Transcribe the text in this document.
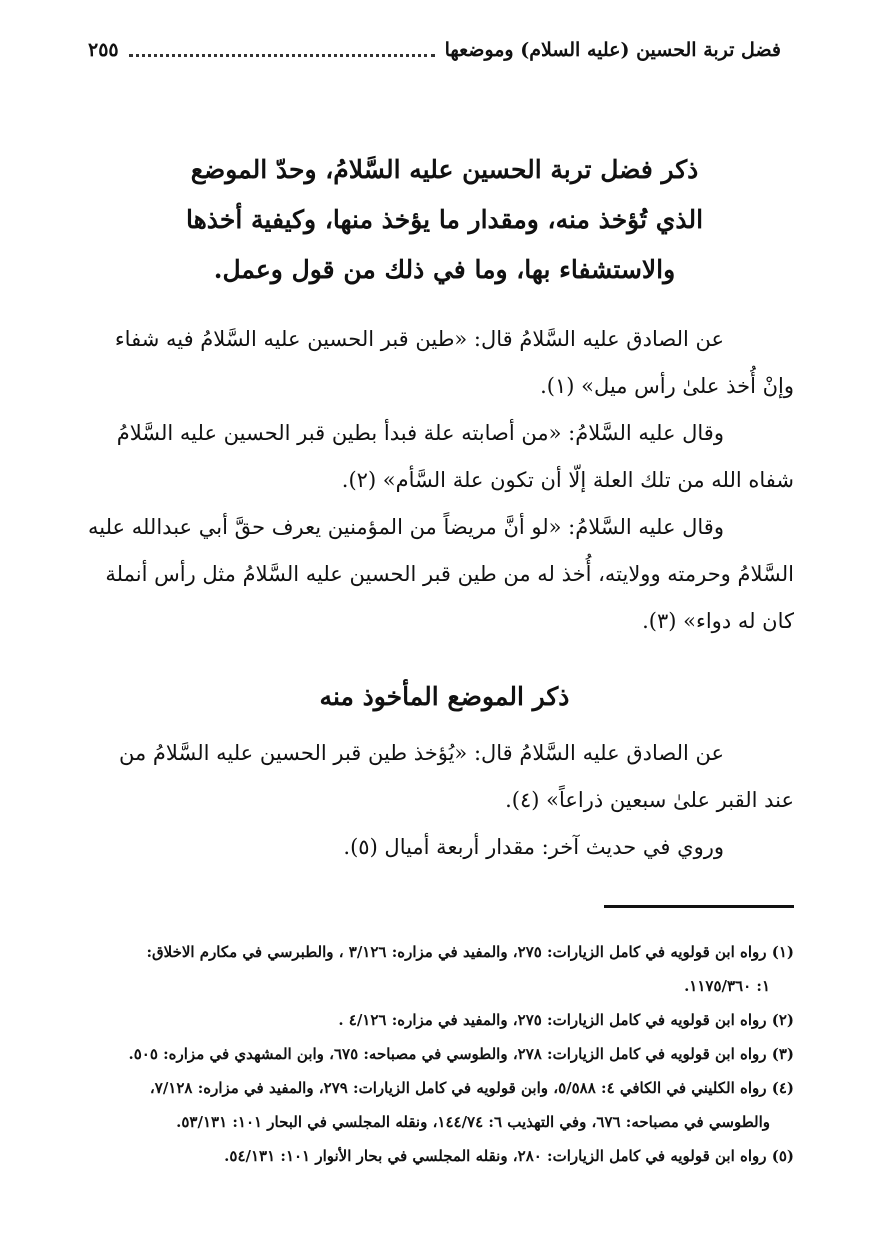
فضل تربة الحسين (عليه السلام) وموضعها
٢٥٥
ذكر فضل تربة الحسين عليه السَّلامُ، وحدّ الموضع
الذي تُؤخذ منه، ومقدار ما يؤخذ منها، وكيفية أخذها
والاستشفاء بها، وما في ذلك من قول وعمل.
عن الصادق عليه السَّلامُ قال: «طين قبر الحسين عليه السَّلامُ فيه شفاء
وإنْ أُخذ علىٰ رأس ميل» (١).
وقال عليه السَّلامُ: «من أصابته علة فبدأ بطين قبر الحسين عليه السَّلامُ
شفاه الله من تلك العلة إلّا أن تكون علة السَّأم» (٢).
وقال عليه السَّلامُ: «لو أنَّ مريضاً من المؤمنين يعرف حقَّ أبي عبدالله عليه
السَّلامُ وحرمته وولايته، أُخذ له من طين قبر الحسين عليه السَّلامُ مثل رأس أنملة
كان له دواء» (٣).
ذكر الموضع المأخوذ منه
عن الصادق عليه السَّلامُ قال: «يُؤخذ طين قبر الحسين عليه السَّلامُ من
عند القبر علىٰ سبعين ذراعاً» (٤).
وروي في حديث آخر: مقدار أربعة أميال (٥).
(١) رواه ابن قولويه في كامل الزيارات: ٢٧٥، والمفيد في مزاره: ٣/١٢٦ ، والطبرسي في مكارم الاخلاق:
١: ١١٧٥/٣٦٠.
(٢) رواه ابن قولويه في كامل الزيارات: ٢٧٥، والمفيد في مزاره: ٤/١٢٦ .
(٣) رواه ابن قولويه في كامل الزيارات: ٢٧٨، والطوسي في مصباحه: ٦٧٥، وابن المشهدي في مزاره: ٥٠٥.
(٤) رواه الكليني في الكافي ٤: ٥/٥٨٨، وابن قولويه في كامل الزيارات: ٢٧٩، والمفيد في مزاره: ٧/١٢٨،
والطوسي في مصباحه: ٦٧٦، وفي التهذيب ٦: ١٤٤/٧٤، ونقله المجلسي في البحار ١٠١: ٥٣/١٣١.
(٥) رواه ابن قولويه في كامل الزيارات: ٢٨٠، ونقله المجلسي في بحار الأنوار ١٠١: ٥٤/١٣١.
